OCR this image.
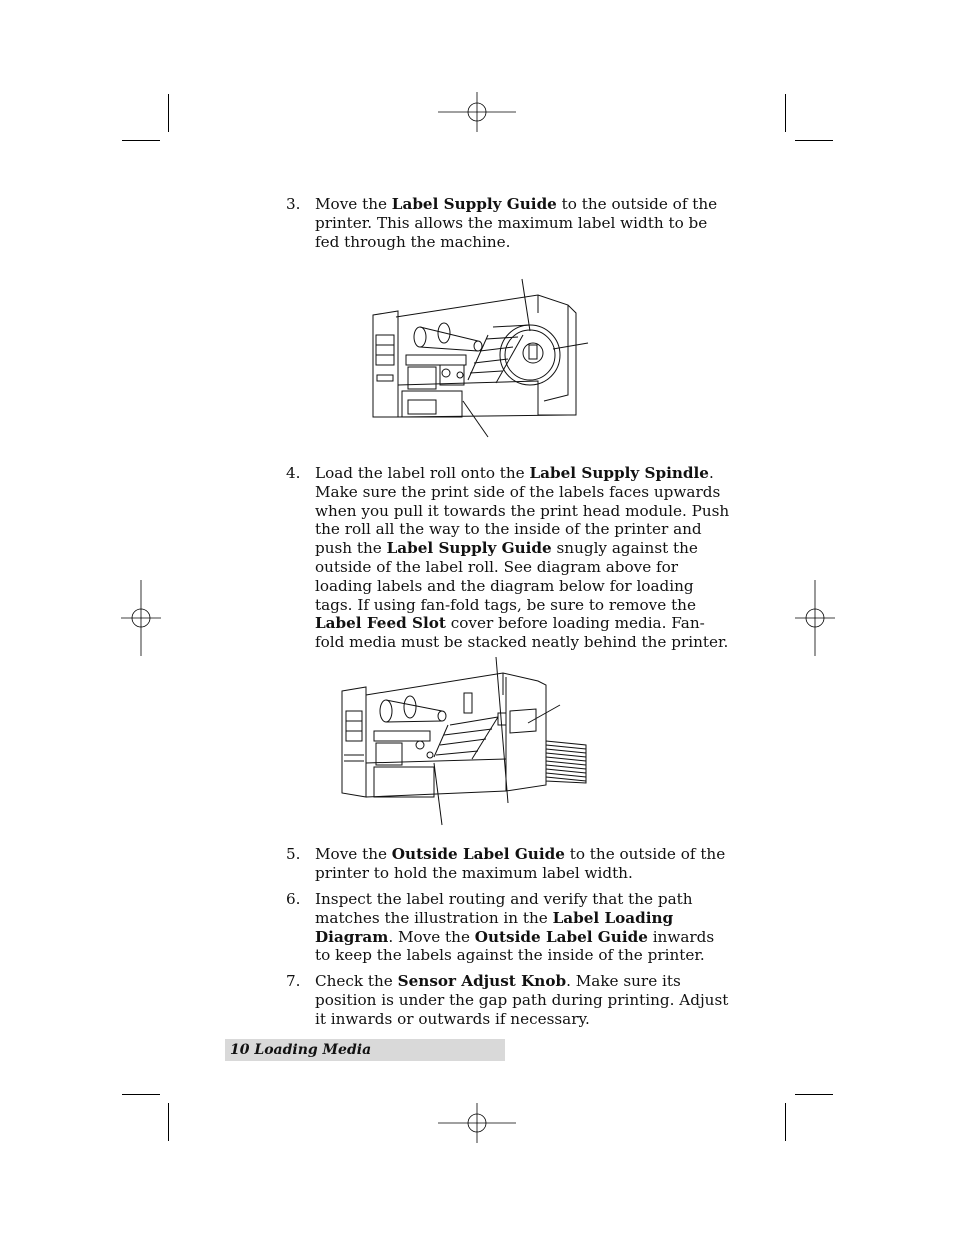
3. Move the Label Supply Guide to the outside of the printer. This allows the maximum label width to be fed through the machine.
4. Load the label roll onto the Label Supply Spindle. Make sure the print side of the labels faces upwards when you pull it towards the print head module. Push the roll all the way to the inside of the printer and push the Label Supply Guide snugly against the outside of the label roll. See diagram above for loading labels and the diagram below for loading tags. If using fan-fold tags, be sure to remove the Label Feed Slot cover before loading media. Fan-fold media must be stacked neatly behind the printer.
5. Move the Outside Label Guide to the outside of the printer to hold the maximum label width.
6. Inspect the label routing and verify that the path matches the illustration in the Label Loading Diagram. Move the Outside Label Guide inwards to keep the labels against the inside of the printer.
7. Check the Sensor Adjust Knob. Make sure its position is under the gap path during printing. Adjust it inwards or outwards if necessary.
10 Loading Media
